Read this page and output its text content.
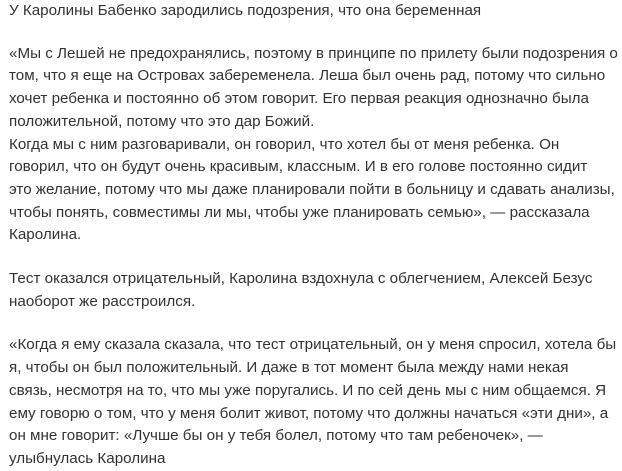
У Каролины Бабенко зародились подозрения, что она беременная

«Мы с Лешей не предохранялись, поэтому в принципе по прилету были подозрения о
том, что я еще на Островах забеременела. Леша был очень рад, потому что сильно
хочет ребенка и постоянно об этом говорит. Его первая реакция однозначно была
положительной, потому что это дар Божий.
Когда мы с ним разговаривали, он говорил, что хотел бы от меня ребенка. Он
говорил, что он будут очень красивым, классным. И в его голове постоянно сидит
это желание, потому что мы даже планировали пойти в больницу и сдавать анализы,
чтобы понять, совместимы ли мы, чтобы уже планировать семью», — рассказала
Каролина.

Тест оказался отрицательный, Каролина вздохнула с облегчением, Алексей Безус
наоборот же расстроился.

«Когда я ему сказала сказала, что тест отрицательный, он у меня спросил, хотела бы
я, чтобы он был положительный. И даже в тот момент была между нами некая
связь, несмотря на то, что мы уже поругались. И по сей день мы с ним общаемся. Я
ему говорю о том, что у меня болит живот, потому что должны начаться «эти дни», а
он мне говорит: «Лучше бы он у тебя болел, потому что там ребеночек», —
улыбнулась Каролина
